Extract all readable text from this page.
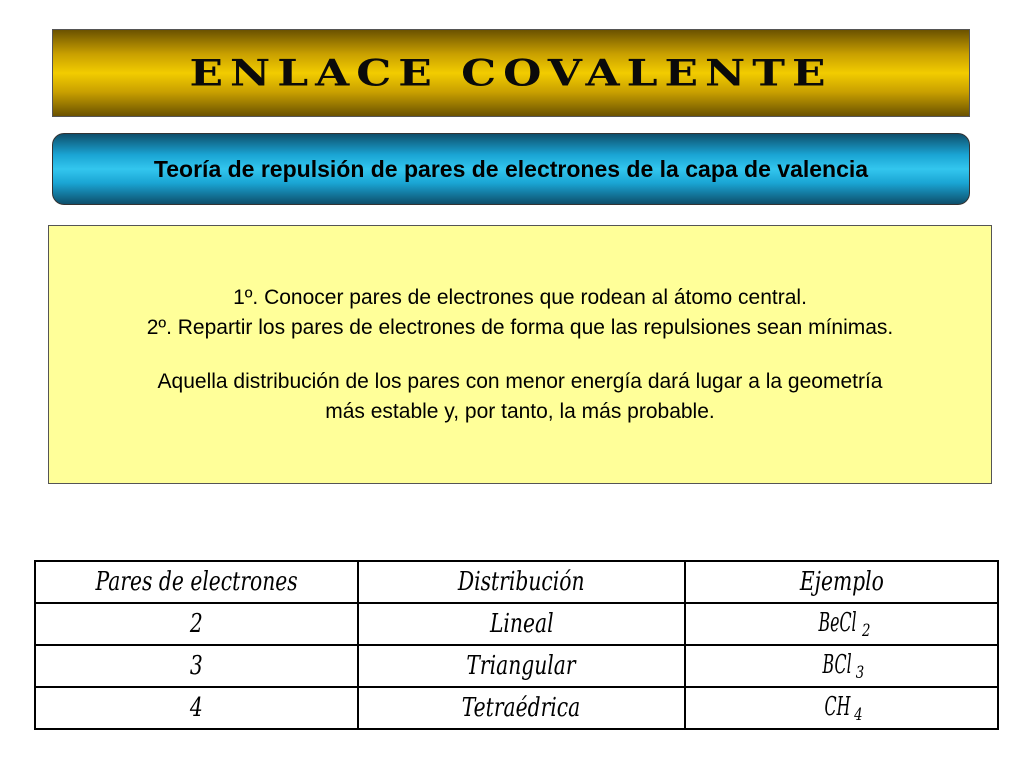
ENLACE COVALENTE
Teoría de repulsión de pares de electrones de la capa de valencia

1º. Conocer pares de electrones que rodean al átomo central.

2º. Repartir los pares de electrones de forma que las repulsiones sean mínimas.

Aquella distribución de los pares con menor energía dará lugar a la geometría

más estable y, por tanto, la más probable.

Pares de electrones	Distribución	Ejemplo
2	Lineal	BeCl $_2$
3	Triangular	BCl $_3$
4	Tetraédrica	CH $_4$
